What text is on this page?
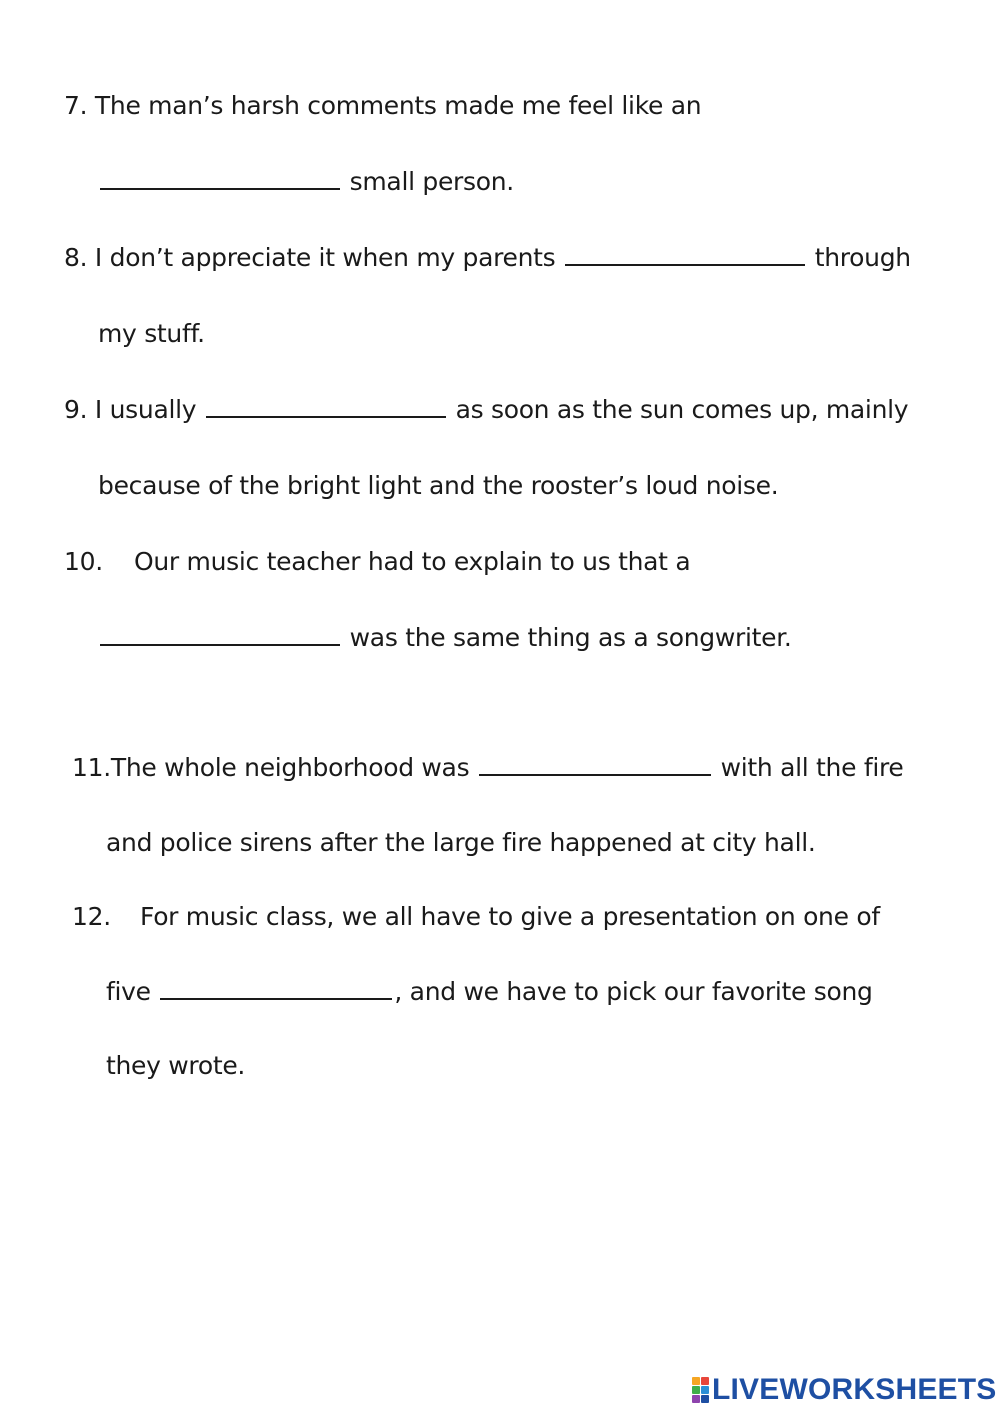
7. The man’s harsh comments made me feel like an
small person.
8. I don’t appreciate it when my parents	through
my stuff.
9. I usually	as soon as the sun comes up, mainly
because of the bright light and the rooster’s loud noise.
10. Our music teacher had to explain to us that a
was the same thing as a songwriter.
11.The whole neighborhood was	with all the fire
and police sirens after the large fire happened at city hall.
12. For music class, we all have to give a presentation on one of
five	, and we have to pick our favorite song
they wrote.
LIVEWORKSHEETS
